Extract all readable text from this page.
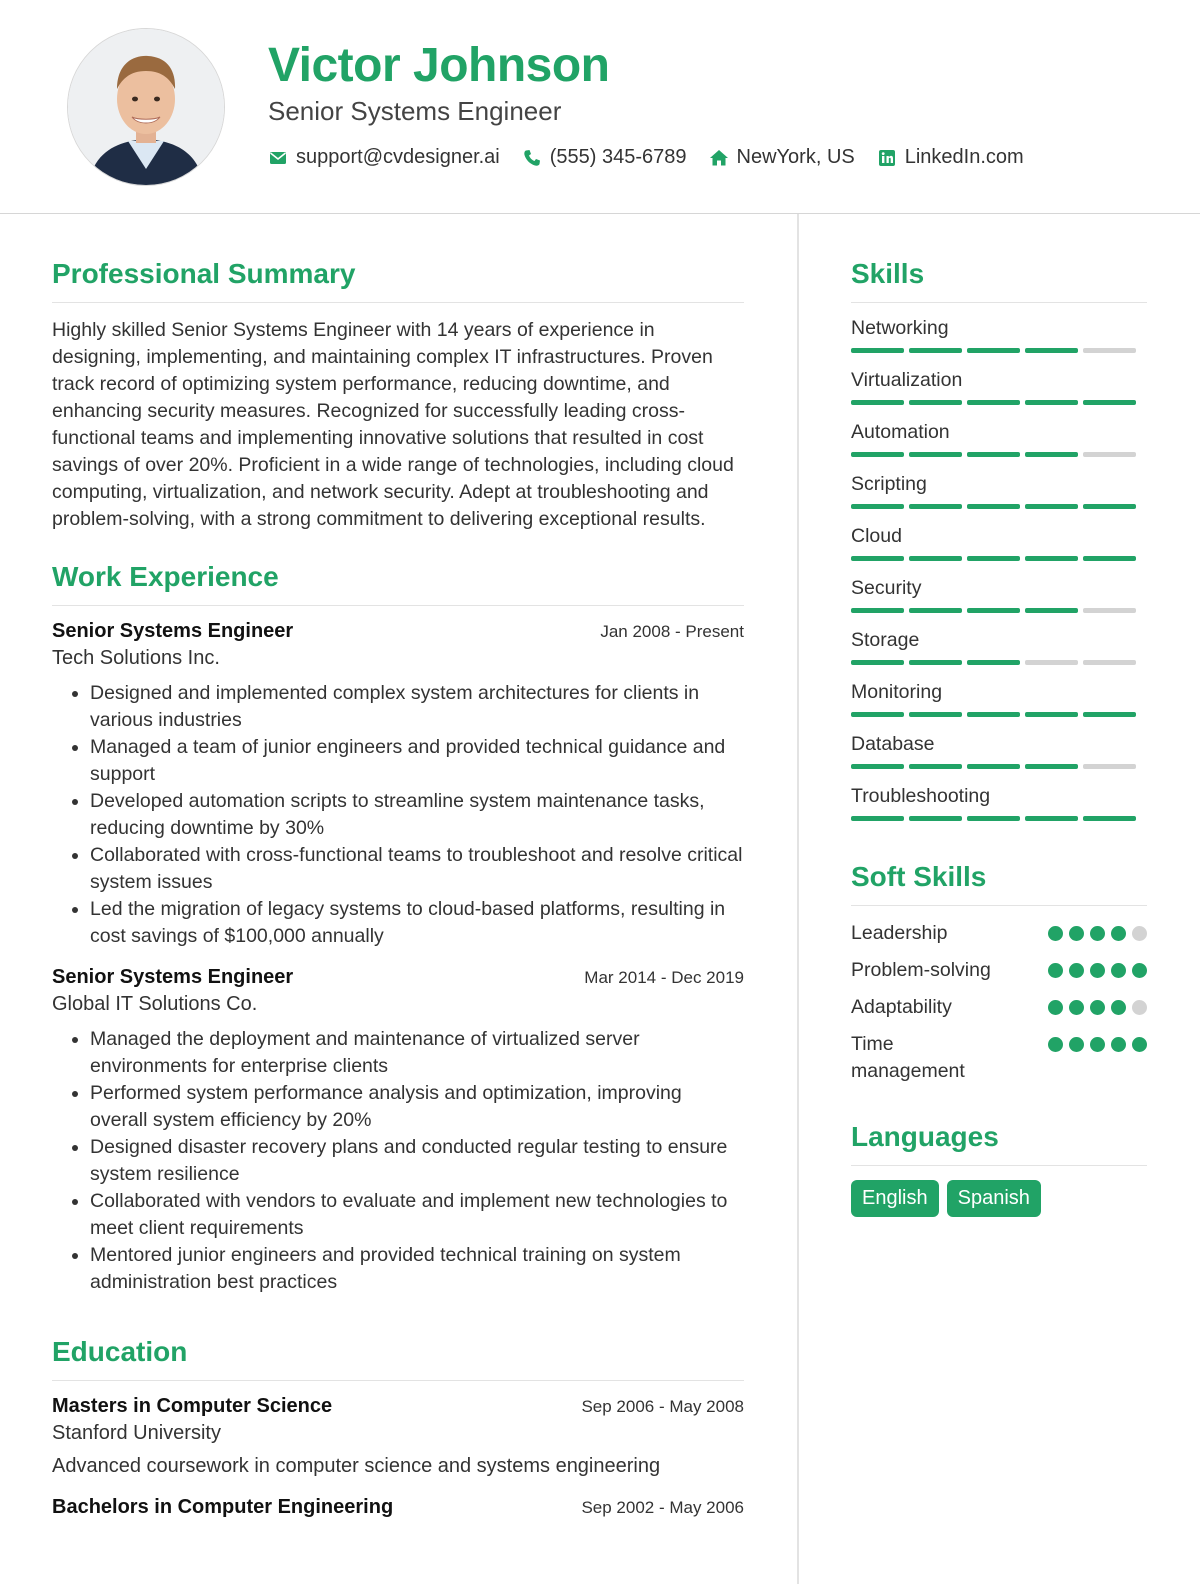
Victor Johnson
Senior Systems Engineer
support@cvdesigner.ai	(555) 345-6789	NewYork, US	LinkedIn.com
Professional Summary

Highly skilled Senior Systems Engineer with 14 years of experience in designing, implementing, and maintaining complex IT infrastructures. Proven track record of optimizing system performance, reducing downtime, and enhancing security measures. Recognized for successfully leading cross-functional teams and implementing innovative solutions that resulted in cost savings of over 20%. Proficient in a wide range of technologies, including cloud computing, virtualization, and network security. Adept at troubleshooting and problem-solving, with a strong commitment to delivering exceptional results.

Work Experience
Senior Systems Engineer	Jan 2008 - Present
Tech Solutions Inc.
• Designed and implemented complex system architectures for clients in various industries
• Managed a team of junior engineers and provided technical guidance and support
• Developed automation scripts to streamline system maintenance tasks, reducing downtime by 30%
• Collaborated with cross-functional teams to troubleshoot and resolve critical system issues
• Led the migration of legacy systems to cloud-based platforms, resulting in cost savings of $100,000 annually
Senior Systems Engineer	Mar 2014 - Dec 2019
Global IT Solutions Co.
• Managed the deployment and maintenance of virtualized server environments for enterprise clients
• Performed system performance analysis and optimization, improving overall system efficiency by 20%
• Designed disaster recovery plans and conducted regular testing to ensure system resilience
• Collaborated with vendors to evaluate and implement new technologies to meet client requirements
• Mentored junior engineers and provided technical training on system administration best practices
Education
Masters in Computer Science	Sep 2006 - May 2008
Stanford University
Advanced coursework in computer science and systems engineering
Bachelors in Computer Engineering	Sep 2002 - May 2006
Skills
Networking
Virtualization
Automation
Scripting
Cloud
Security
Storage
Monitoring
Database
Troubleshooting
Soft Skills
Leadership
Problem-solving
Adaptability
Time management
Languages
English	Spanish
